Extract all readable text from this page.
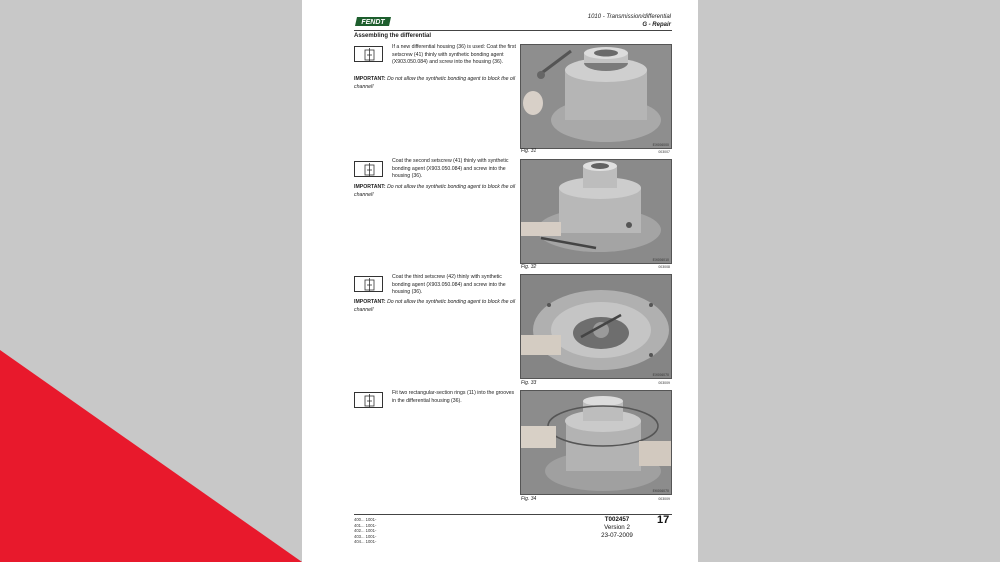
FENDT
1010 - Transmission/differential
G - Repair
Assembling the differential
If a new differential housing (36) is used: Coat the first setscrew (41) thinly with synthetic bonding agent (X903.050.084) and screw into the housing (36).
IMPORTANT: Do not allow the synthetic bonding agent to block the oil channel!
EX006000
003007
Fig. 31
Coat the second setscrew (41) thinly with synthetic bonding agent (X903.050.084) and screw into the housing (36).
IMPORTANT: Do not allow the synthetic bonding agent to block the oil channel!
EX006010
003008
Fig. 32
Coat the third setscrew (42) thinly with synthetic bonding agent (X903.050.084) and screw into the housing (36).
IMPORTANT: Do not allow the synthetic bonding agent to block the oil channel!
EX006070
003009
Fig. 33
Fit two rectangular-section rings (11) into the grooves in the differential housing (36).
EK006070
003009
Fig. 34
400... 1001-
401... 1001-
402... 1001-
403... 1001-
404... 1001-
T002457
Version 2
23-07-2009
17
